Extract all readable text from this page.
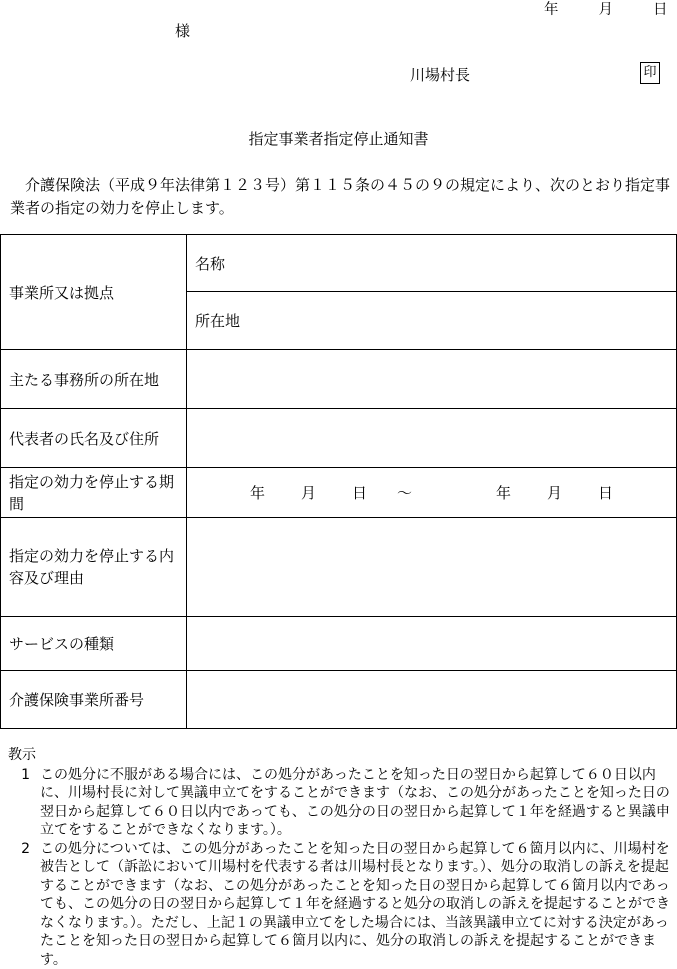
年	月	日
様
川場村長	印
指定事業者指定停止通知書
介護保険法（平成９年法律第１２３号）第１１５条の４５の９の規定により、次のとおり指定事業者の指定の効力を停止します。
事業所又は拠点	名称
	所在地
主たる事務所の所在地	
代表者の氏名及び住所	
指定の効力を停止する期間	年 月 日 ～ 年 月 日
指定の効力を停止する内容及び理由	
サービスの種類	
介護保険事業所番号	
教示
1 この処分に不服がある場合には、この処分があったことを知った日の翌日から起算して６０日以内に、川場村長に対して異議申立てをすることができます（なお、この処分があったことを知った日の翌日から起算して６０日以内であっても、この処分の日の翌日から起算して１年を経過すると異議申立てをすることができなくなります。）。
2 この処分については、この処分があったことを知った日の翌日から起算して６箇月以内に、川場村を被告として（訴訟において川場村を代表する者は川場村長となります。）、処分の取消しの訴えを提起することができます（なお、この処分があったことを知った日の翌日から起算して６箇月以内であっても、この処分の日の翌日から起算して１年を経過すると処分の取消しの訴えを提起することができなくなります。）。ただし、上記１の異議申立てをした場合には、当該異議申立てに対する決定があったことを知った日の翌日から起算して６箇月以内に、処分の取消しの訴えを提起することができます。
